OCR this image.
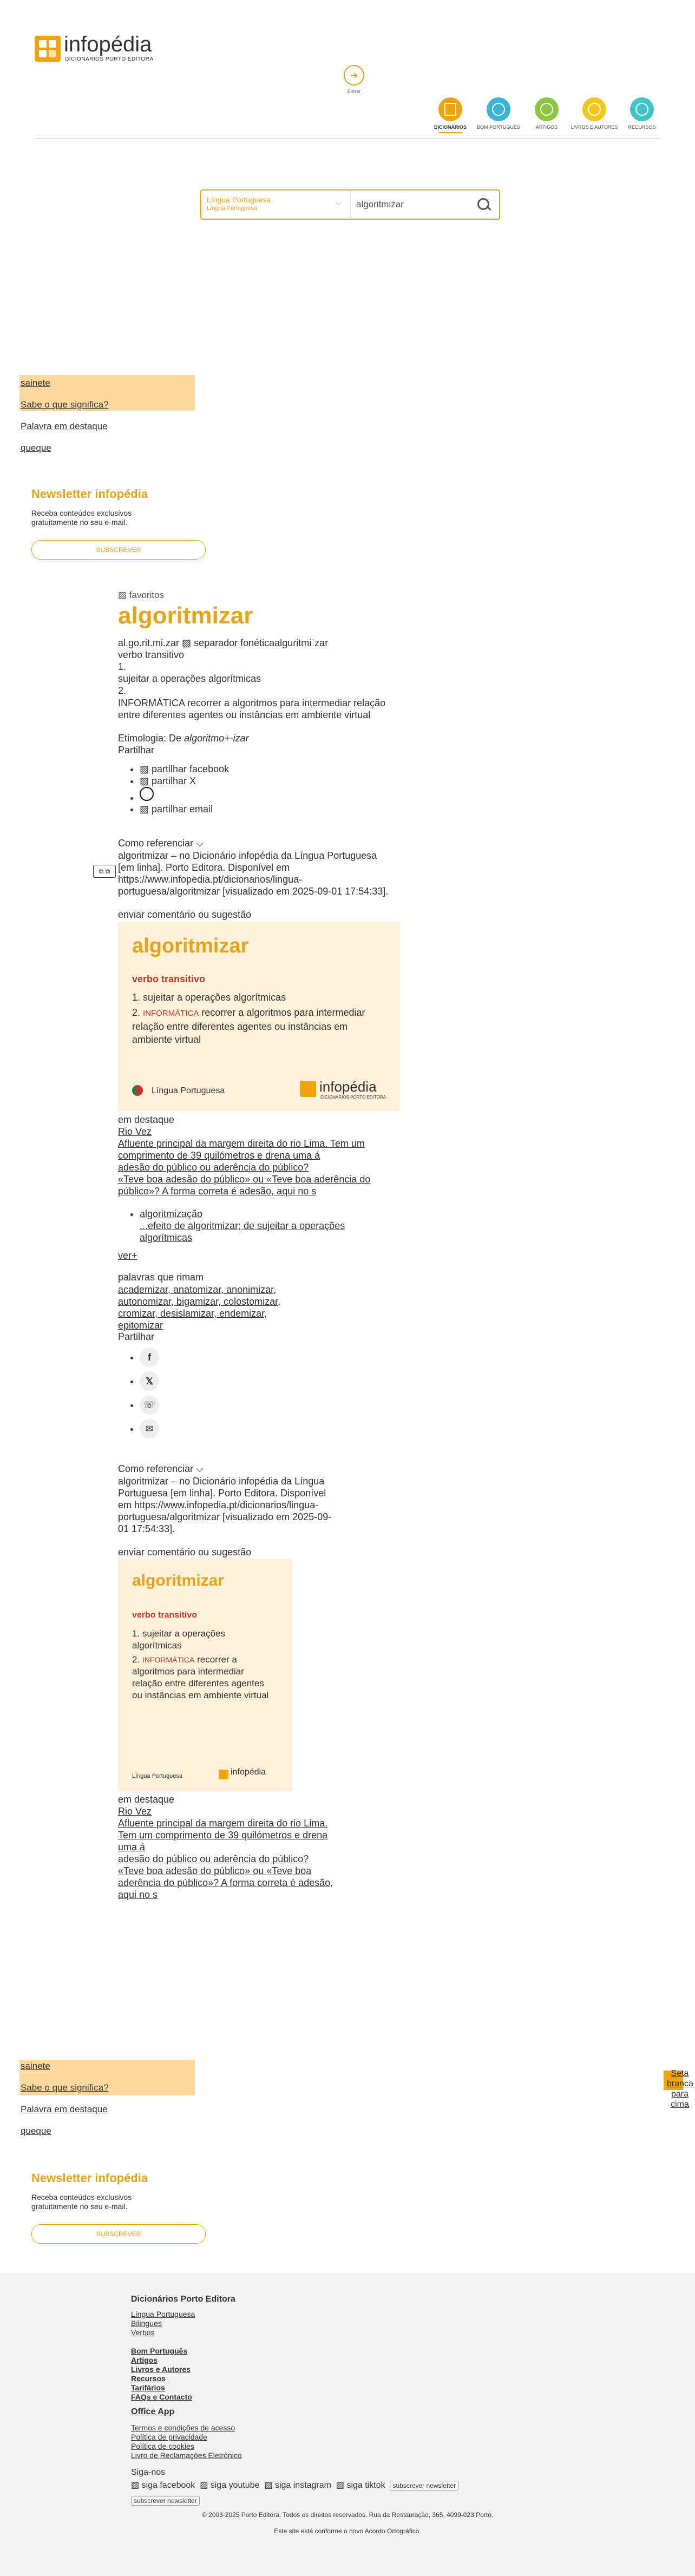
infopédia
DICIONÁRIOS PORTO EDITORA
➜
Entrar
DICIONÁRIOS	BOM PORTUGUÊS	ARTIGOS	LIVROS E AUTORES	RECURSOS
Língua Portuguesa
Língua Portuguesa
⌵
algoritmizar
sainete
Sabe o que significa?
Palavra em destaque
queque
Newsletter infopédia
Receba conteúdos exclusivos gratuitamente no seu e-mail.
SUBSCREVER
▨ favoritos
algoritmizar
al.go.rit.mi.zar ▨ separador fonéticaalɡuɾitmiˈzar
verbo transitivo
1.
sujeitar a operações algorítmicas
2.
INFORMÁTICA recorrer a algoritmos para intermediar relação entre diferentes agentes ou instâncias em ambiente virtual
Etimologia: De algoritmo+-izar
Partilhar
• ▨ partilhar facebook
• ▨ partilhar X
•
• ▨ partilhar email
Como referenciar ⌵
⧉ ⧉
algoritmizar – no Dicionário infopédia da Língua Portuguesa [em linha]. Porto Editora. Disponível em https://www.infopedia.pt/dicionarios/lingua-portuguesa/algoritmizar [visualizado em 2025-09-01 17:54:33].
enviar comentário ou sugestão
algoritmizar
verbo transitivo
1. sujeitar a operações algorítmicas
2. INFORMÁTICA recorrer a algoritmos para intermediar relação entre diferentes agentes ou instâncias em ambiente virtual
Língua Portuguesa	infopédia
DICIONÁRIOS PORTO EDITORA
em destaque
Rio Vez
Afluente principal da margem direita do rio Lima. Tem um comprimento de 39 quilómetros e drena uma á
adesão do público ou aderência do público?
«Teve boa adesão do público» ou «Teve boa aderência do público»? A forma correta é adesão, aqui no s
• algoritmização
...efeito de algoritmizar; de sujeitar a operações algorítmicas
ver+
palavras que rimam
academizar, anatomizar, anonimizar, autonomizar, bigamizar, colostomizar, cromizar, desislamizar, endemizar, epitomizar
Partilhar
• f
• 𝕏
• ☏
• ✉
Como referenciar ⌵
algoritmizar – no Dicionário infopédia da Língua Portuguesa [em linha]. Porto Editora. Disponível em https://www.infopedia.pt/dicionarios/lingua-portuguesa/algoritmizar [visualizado em 2025-09-01 17:54:33].
enviar comentário ou sugestão
algoritmizar
verbo transitivo
1. sujeitar a operações algorítmicas
2. INFORMÁTICA recorrer a algoritmos para intermediar relação entre diferentes agentes ou instâncias em ambiente virtual
Língua Portuguesa	infopédia
em destaque
Rio Vez
Afluente principal da margem direita do rio Lima. Tem um comprimento de 39 quilómetros e drena uma á
adesão do público ou aderência do público?
«Teve boa adesão do público» ou «Teve boa aderência do público»? A forma correta é adesão, aqui no s
sainete
Sabe o que significa?
Palavra em destaque
queque
Newsletter infopédia
Receba conteúdos exclusivos gratuitamente no seu e-mail.
SUBSCREVER
Seta branca para cima
Dicionários Porto Editora
Língua Portuguesa
Bilingues
Verbos
Bom Português
Artigos
Livros e Autores
Recursos
Tarifários
FAQs e Contacto
Office App
Termos e condições de acesso
Política de privacidade
Política de cookies
Livro de Reclamações Eletrónico
Siga-nos
▨ siga facebook ▨ siga youtube ▨ siga instagram ▨ siga tiktok subscrever newsletter
subscrever newsletter
© 2003-2025 Porto Editora. Todos os direitos reservados. Rua da Restauração, 365, 4099-023 Porto.
Este site está conforme o novo Acordo Ortográfico.
